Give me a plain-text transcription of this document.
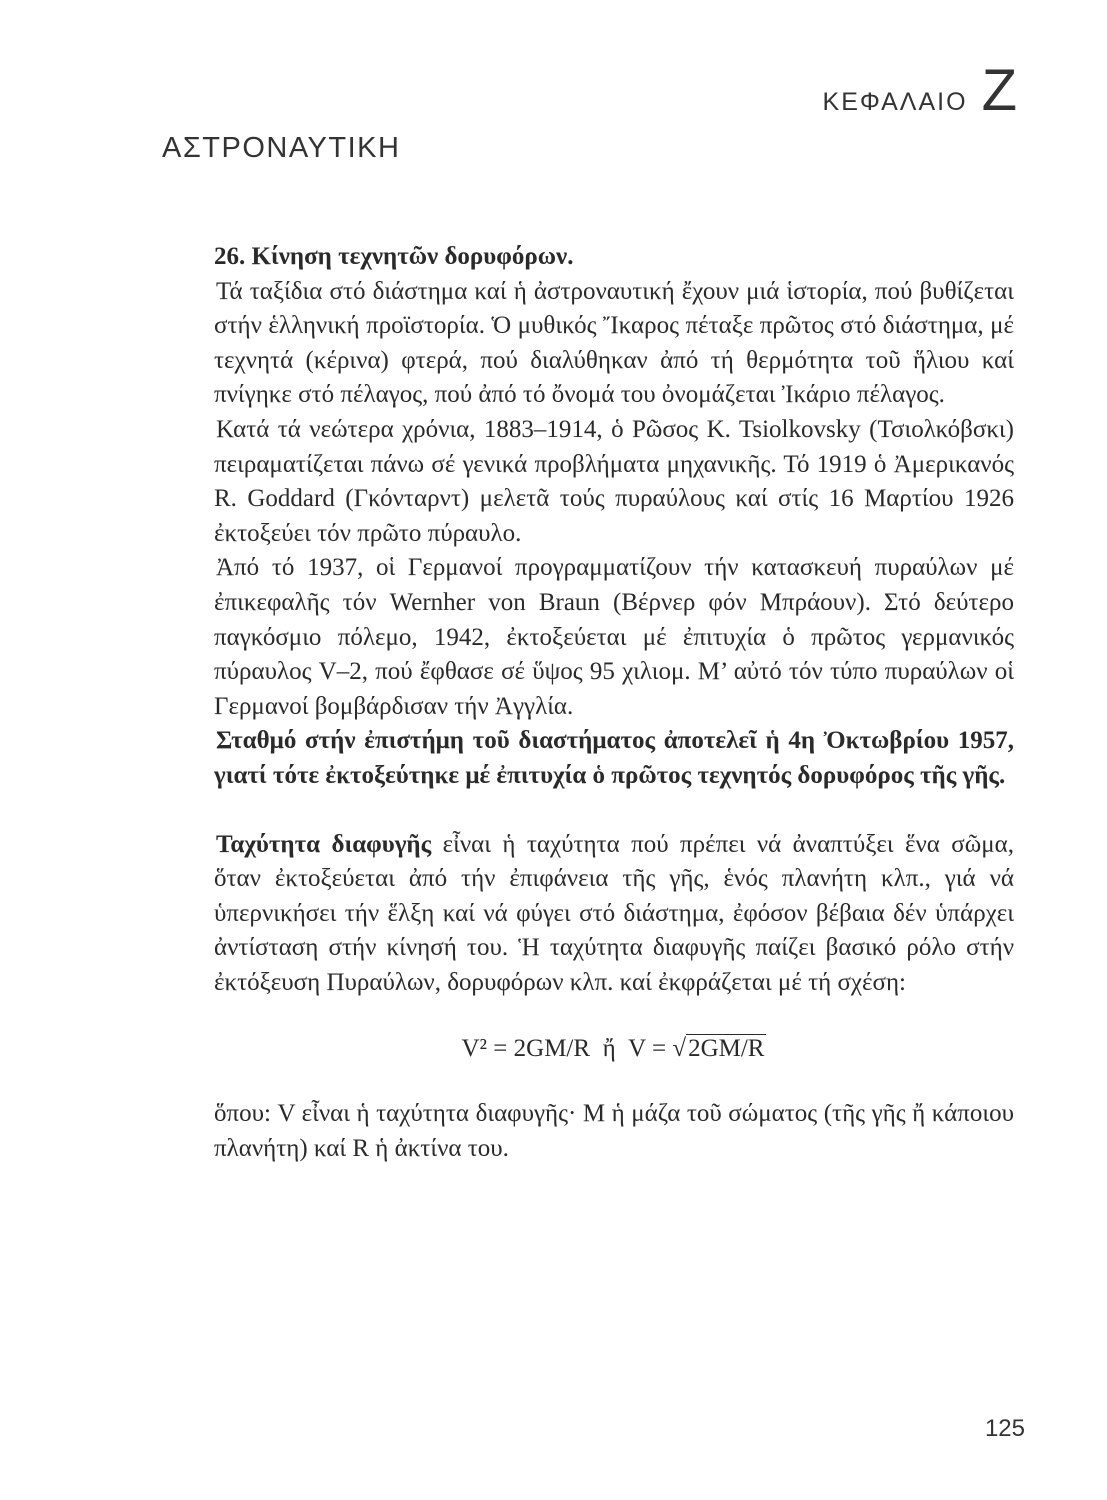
ΚΕΦΑΛΑΙΟ Ζ
ΑΣΤΡΟΝΑΥΤΙΚΗ

26. Κίνηση τεχνητῶν δορυφόρων.

Τά ταξίδια στό διάστημα καί ἡ ἀστροναυτική ἔχουν μιά ἱστορία, πού βυθίζεται στήν ἑλληνική προϊστορία. Ὁ μυθικός Ἴκαρος πέταξε πρῶτος στό διάστημα, μέ τεχνητά (κέρινα) φτερά, πού διαλύθηκαν ἀπό τή θερμότητα τοῦ ἥλιου καί πνίγηκε στό πέλαγος, πού ἀπό τό ὄνομά του ὀνομάζεται Ἰκάριο πέλαγος.

Κατά τά νεώτερα χρόνια, 1883–1914, ὁ Ρῶσος K. Tsiolkovsky (Τσιολκόβσκι) πειραματίζεται πάνω σέ γενικά προβλήματα μηχανικῆς. Τό 1919 ὁ Ἀμερικανός R. Goddard (Γκόνταρντ) μελετᾶ τούς πυραύλους καί στίς 16 Μαρτίου 1926 ἐκτοξεύει τόν πρῶτο πύραυλο.

Ἀπό τό 1937, οἱ Γερμανοί προγραμματίζουν τήν κατασκευή πυραύλων μέ ἐπικεφαλῆς τόν Wernher von Braun (Βέρνερ φόν Μπράουν). Στό δεύτερο παγκόσμιο πόλεμο, 1942, ἐκτοξεύεται μέ ἐπιτυχία ὁ πρῶτος γερμανικός πύραυλος V–2, πού ἔφθασε σέ ὕψος 95 χιλιομ. Μ’ αὐτό τόν τύπο πυραύλων οἱ Γερμανοί βομβάρδισαν τήν Ἀγγλία.

Σταθμό στήν ἐπιστήμη τοῦ διαστήματος ἀποτελεῖ ἡ 4η Ὀκτωβρίου 1957, γιατί τότε ἐκτοξεύτηκε μέ ἐπιτυχία ὁ πρῶτος τεχνητός δορυφόρος τῆς γῆς.

Ταχύτητα διαφυγῆς εἶναι ἡ ταχύτητα πού πρέπει νά ἀναπτύξει ἕνα σῶμα, ὅταν ἐκτοξεύεται ἀπό τήν ἐπιφάνεια τῆς γῆς, ἑνός πλανήτη κλπ., γιά νά ὑπερνικήσει τήν ἕλξη καί νά φύγει στό διάστημα, ἐφόσον βέβαια δέν ὑπάρχει ἀντίσταση στήν κίνησή του. Ἡ ταχύτητα διαφυγῆς παίζει βασικό ρόλο στήν ἐκτόξευση Πυραύλων, δορυφόρων κλπ. καί ἐκφράζεται μέ τή σχέση:

V² = 2GM/R ἤ V = √2GM/R

ὅπου: V εἶναι ἡ ταχύτητα διαφυγῆς· Μ ἡ μάζα τοῦ σώματος (τῆς γῆς ἤ κάποιου πλανήτη) καί R ἡ ἀκτίνα του.

125
